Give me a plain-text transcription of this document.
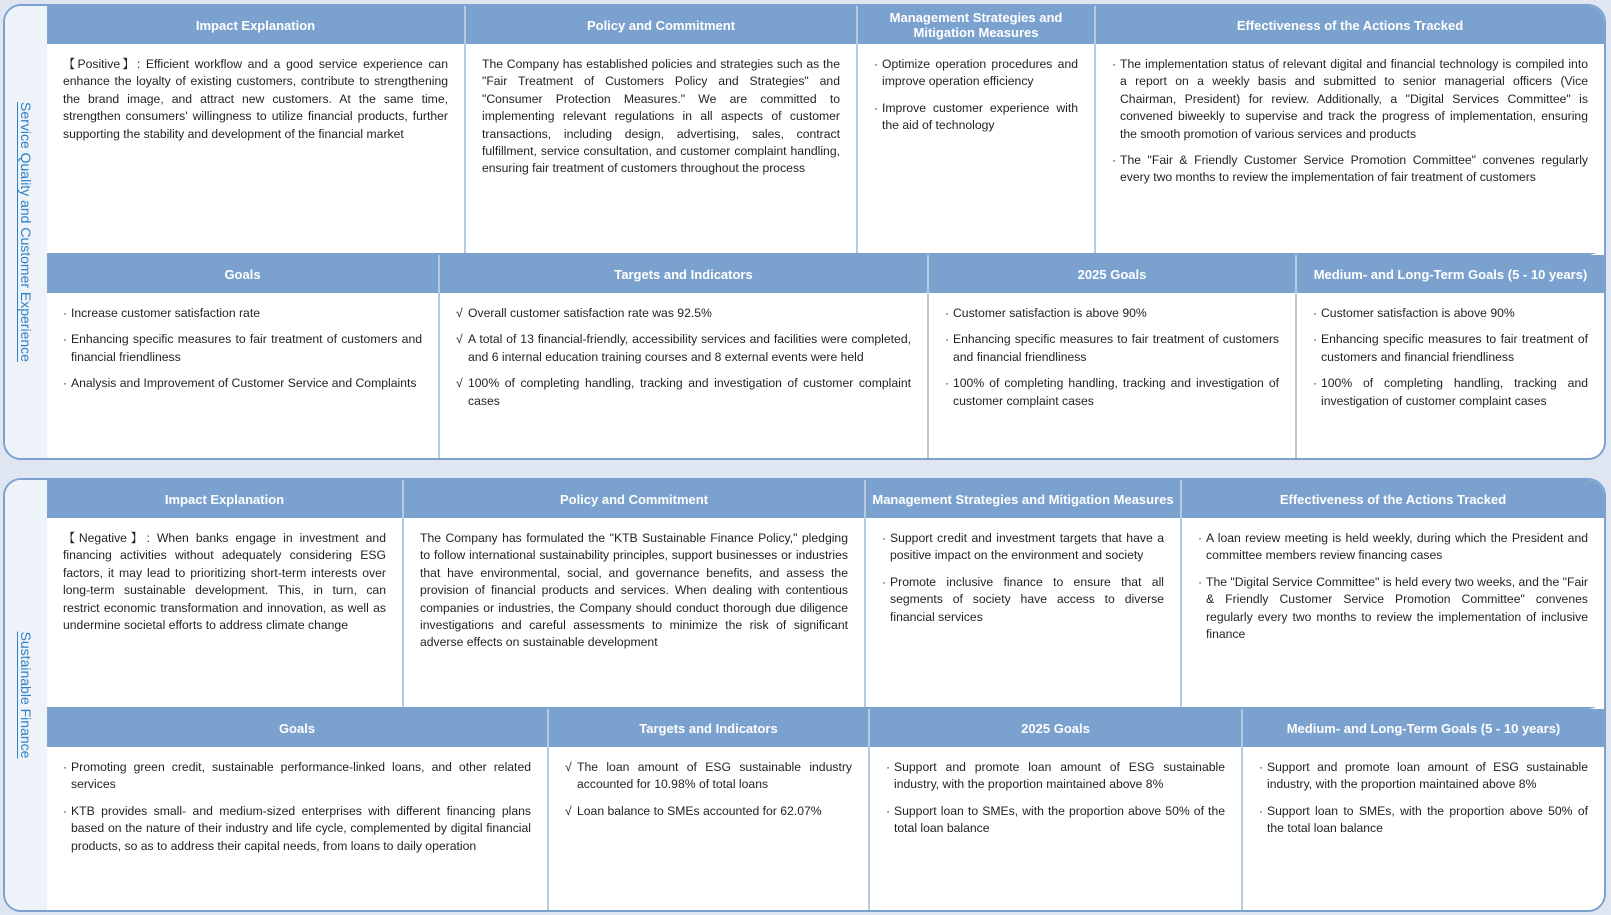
Service Quality and Customer Experience
Impact Explanation

【Positive】: Efficient workflow and a good service experience can enhance the loyalty of existing customers, contribute to strengthening the brand image, and attract new customers. At the same time, strengthen consumers' willingness to utilize financial products, further supporting the stability and development of the financial market

Policy and Commitment

The Company has established policies and strategies such as the "Fair Treatment of Customers Policy and Strategies" and "Consumer Protection Measures." We are committed to implementing relevant regulations in all aspects of customer transactions, including design, advertising, sales, contract fulfillment, service consultation, and customer complaint handling, ensuring fair treatment of customers throughout the process

Management Strategies and Mitigation Measures
· Optimize operation procedures and improve operation efficiency
· Improve customer experience with the aid of technology
Effectiveness of the Actions Tracked
· The implementation status of relevant digital and financial technology is compiled into a report on a weekly basis and submitted to senior managerial officers (Vice Chairman, President) for review. Additionally, a "Digital Services Committee" is convened biweekly to supervise and track the progress of implementation, ensuring the smooth promotion of various services and products
· The "Fair & Friendly Customer Service Promotion Committee" convenes regularly every two months to review the implementation of fair treatment of customers
Goals
· Increase customer satisfaction rate
· Enhancing specific measures to fair treatment of customers and financial friendliness
· Analysis and Improvement of Customer Service and Complaints
Targets and Indicators
√ Overall customer satisfaction rate was 92.5%
√ A total of 13 financial-friendly, accessibility services and facilities were completed, and 6 internal education training courses and 8 external events were held
√ 100% of completing handling, tracking and investigation of customer complaint cases
2025 Goals
· Customer satisfaction is above 90%
· Enhancing specific measures to fair treatment of customers and financial friendliness
· 100% of completing handling, tracking and investigation of customer complaint cases
Medium- and Long-Term Goals (5 - 10 years)
· Customer satisfaction is above 90%
· Enhancing specific measures to fair treatment of customers and financial friendliness
· 100% of completing handling, tracking and investigation of customer complaint cases
Sustainable Finance
Impact Explanation

【Negative】: When banks engage in investment and financing activities without adequately considering ESG factors, it may lead to prioritizing short-term interests over long-term sustainable development. This, in turn, can restrict economic transformation and innovation, as well as undermine societal efforts to address climate change

Policy and Commitment

The Company has formulated the "KTB Sustainable Finance Policy," pledging to follow international sustainability principles, support businesses or industries that have environmental, social, and governance benefits, and assess the provision of financial products and services. When dealing with contentious companies or industries, the Company should conduct thorough due diligence investigations and careful assessments to minimize the risk of significant adverse effects on sustainable development

Management Strategies and Mitigation Measures
· Support credit and investment targets that have a positive impact on the environment and society
· Promote inclusive finance to ensure that all segments of society have access to diverse financial services
Effectiveness of the Actions Tracked
· A loan review meeting is held weekly, during which the President and committee members review financing cases
· The "Digital Service Committee" is held every two weeks, and the "Fair & Friendly Customer Service Promotion Committee" convenes regularly every two months to review the implementation of inclusive finance
Goals
· Promoting green credit, sustainable performance-linked loans, and other related services
· KTB provides small- and medium-sized enterprises with different financing plans based on the nature of their industry and life cycle, complemented by digital financial products, so as to address their capital needs, from loans to daily operation
Targets and Indicators
√ The loan amount of ESG sustainable industry accounted for 10.98% of total loans
√ Loan balance to SMEs accounted for 62.07%
2025 Goals
· Support and promote loan amount of ESG sustainable industry, with the proportion maintained above 8%
· Support loan to SMEs, with the proportion above 50% of the total loan balance
Medium- and Long-Term Goals (5 - 10 years)
· Support and promote loan amount of ESG sustainable industry, with the proportion maintained above 8%
· Support loan to SMEs, with the proportion above 50% of the total loan balance
